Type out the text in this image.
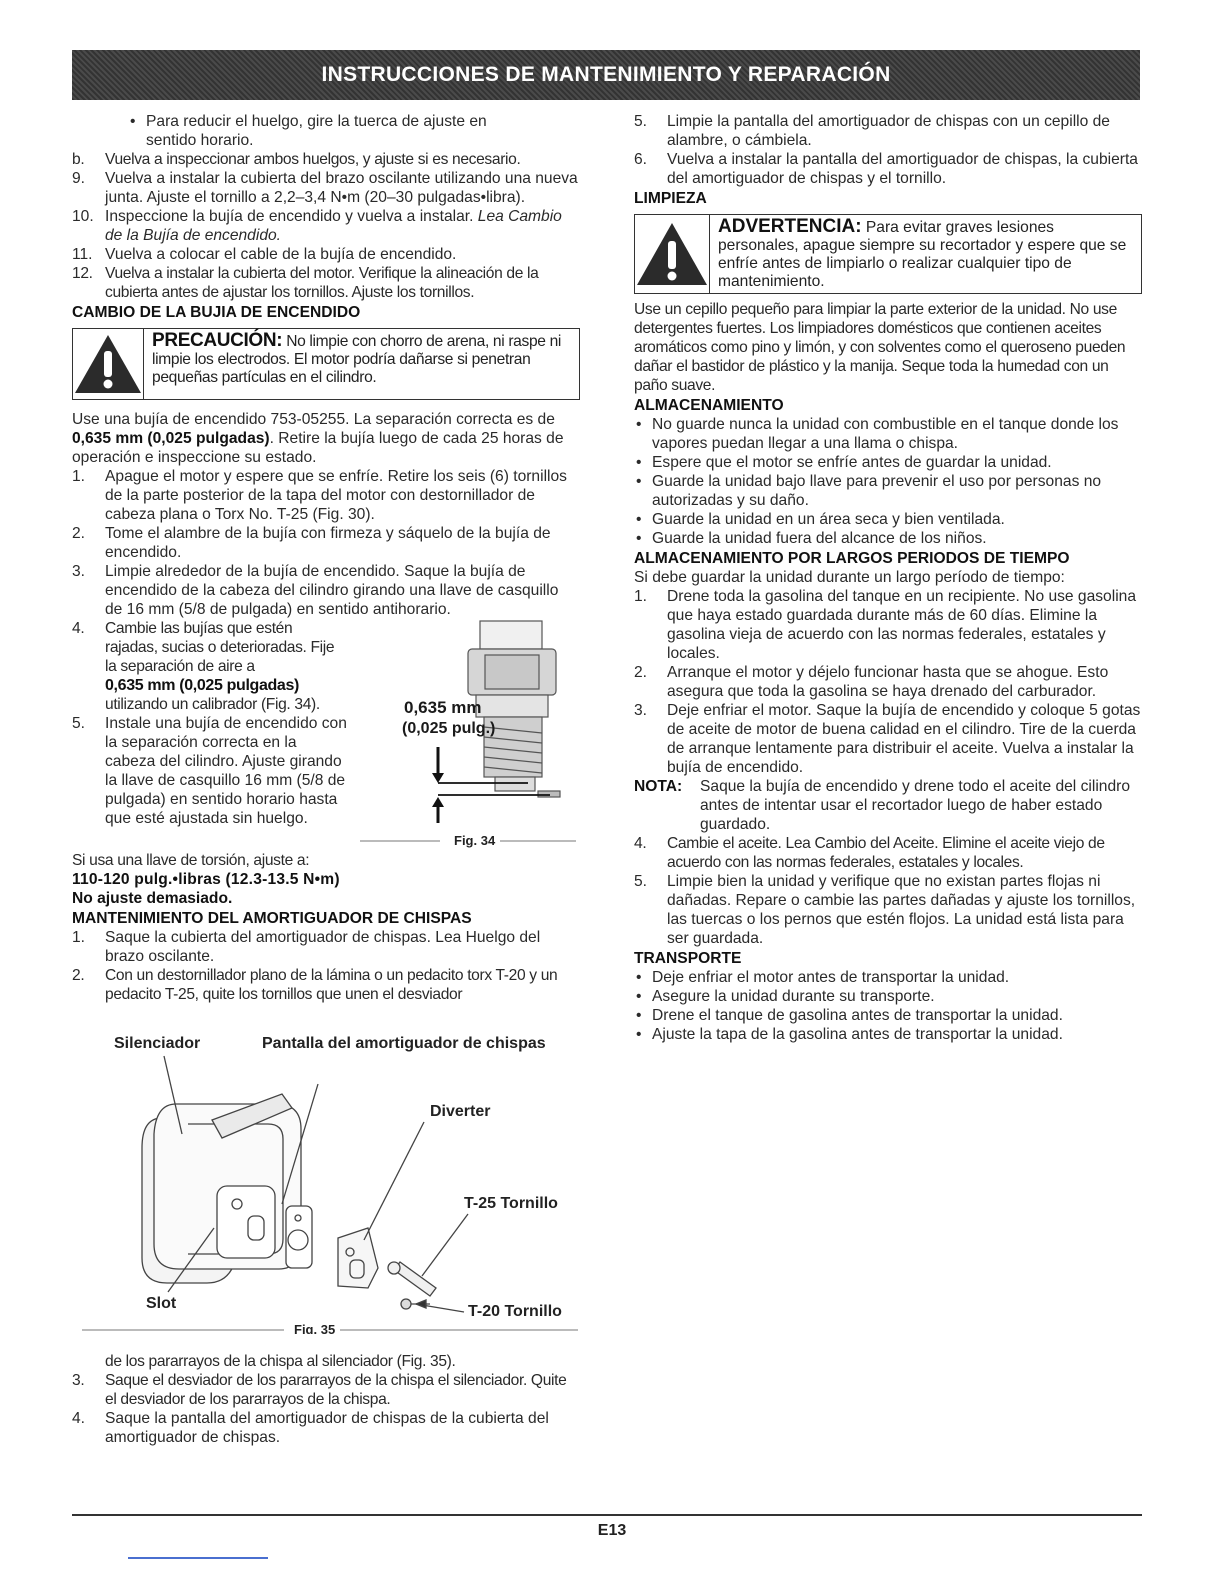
INSTRUCCIONES DE MANTENIMIENTO Y REPARACIÓN
• Para reducir el huelgo, gire la tuerca de ajuste en sentido horario.
b. Vuelva a inspeccionar ambos huelgos, y ajuste si es necesario.
9. Vuelva a instalar la cubierta del brazo oscilante utilizando una nueva junta. Ajuste el tornillo a 2,2–3,4 N•m (20–30 pulgadas•libra).
10. Inspeccione la bujía de encendido y vuelva a instalar. Lea Cambio de la Bujía de encendido.
11. Vuelva a colocar el cable de la bujía de encendido.
12. Vuelva a instalar la cubierta del motor. Verifique la alineación de la cubierta antes de ajustar los tornillos. Ajuste los tornillos.
CAMBIO DE LA BUJIA DE ENCENDIDO
PRECAUCIÓN: No limpie con chorro de arena, ni raspe ni limpie los electrodos. El motor podría dañarse si penetran pequeñas partículas en el cilindro.

Use una bujía de encendido 753-05255. La separación correcta es de 0,635 mm (0,025 pulgadas). Retire la bujía luego de cada 25 horas de operación e inspeccione su estado.

1. Apague el motor y espere que se enfríe. Retire los seis (6) tornillos de la parte posterior de la tapa del motor con destornillador de cabeza plana o Torx No. T-25 (Fig. 30).
2. Tome el alambre de la bujía con firmeza y sáquelo de la bujía de encendido.
3. Limpie alrededor de la bujía de encendido. Saque la bujía de encendido de la cabeza del cilindro girando una llave de casquillo de 16 mm (5/8 de pulgada) en sentido antihorario.
4. Cambie las bujías que estén rajadas, sucias o deterioradas. Fije la separación de aire a
0,635 mm (0,025 pulgadas)
utilizando un calibrador (Fig. 34).
5. Instale una bujía de encendido con la separación correcta en la cabeza del cilindro. Ajuste girando la llave de casquillo 16 mm (5/8 de pulgada) en sentido horario hasta que esté ajustada sin huelgo.
0,635 mm
(0,025 pulg.)
Fig. 34
Si usa una llave de torsión, ajuste a:
110-120 pulg.•libras (12.3-13.5 N•m)
No ajuste demasiado.
MANTENIMIENTO DEL AMORTIGUADOR DE CHISPAS
1. Saque la cubierta del amortiguador de chispas. Lea Huelgo del brazo oscilante.
2. Con un destornillador plano de la lámina o un pedacito torx T-20 y un pedacito T-25, quite los tornillos que unen el desviador
Silenciador	Pantalla del amortiguador de chispas
Diverter
T-25 Tornillo
Slot	T-20 Tornillo
Fig. 35
de los pararrayos de la chispa al silenciador (Fig. 35).
3. Saque el desviador de los pararrayos de la chispa el silenciador. Quite el desviador de los pararrayos de la chispa.
4. Saque la pantalla del amortiguador de chispas de la cubierta del amortiguador de chispas.
5. Limpie la pantalla del amortiguador de chispas con un cepillo de alambre, o cámbiela.
6. Vuelva a instalar la pantalla del amortiguador de chispas, la cubierta del amortiguador de chispas y el tornillo.
LIMPIEZA
ADVERTENCIA: Para evitar graves lesiones personales, apague siempre su recortador y espere que se enfríe antes de limpiarlo o realizar cualquier tipo de mantenimiento.

Use un cepillo pequeño para limpiar la parte exterior de la unidad. No use detergentes fuertes. Los limpiadores domésticos que contienen aceites aromáticos como pino y limón, y con solventes como el queroseno pueden dañar el bastidor de plástico y la manija. Seque toda la humedad con un paño suave.

ALMACENAMIENTO
• No guarde nunca la unidad con combustible en el tanque donde los vapores puedan llegar a una llama o chispa.
• Espere que el motor se enfríe antes de guardar la unidad.
• Guarde la unidad bajo llave para prevenir el uso por personas no autorizadas y su daño.
• Guarde la unidad en un área seca y bien ventilada.
• Guarde la unidad fuera del alcance de los niños.
ALMACENAMIENTO POR LARGOS PERIODOS DE TIEMPO
Si debe guardar la unidad durante un largo período de tiempo:
1. Drene toda la gasolina del tanque en un recipiente. No use gasolina que haya estado guardada durante más de 60 días. Elimine la gasolina vieja de acuerdo con las normas federales, estatales y locales.
2. Arranque el motor y déjelo funcionar hasta que se ahogue. Esto asegura que toda la gasolina se haya drenado del carburador.
3. Deje enfriar el motor. Saque la bujía de encendido y coloque 5 gotas de aceite de motor de buena calidad en el cilindro. Tire de la cuerda de arranque lentamente para distribuir el aceite. Vuelva a instalar la bujía de encendido.
NOTA: Saque la bujía de encendido y drene todo el aceite del cilindro antes de intentar usar el recortador luego de haber estado guardado.
4. Cambie el aceite. Lea Cambio del Aceite. Elimine el aceite viejo de acuerdo con las normas federales, estatales y locales.
5. Limpie bien la unidad y verifique que no existan partes flojas ni dañadas. Repare o cambie las partes dañadas y ajuste los tornillos, las tuercas o los pernos que estén flojos. La unidad está lista para ser guardada.
TRANSPORTE
• Deje enfriar el motor antes de transportar la unidad.
• Asegure la unidad durante su transporte.
• Drene el tanque de gasolina antes de transportar la unidad.
• Ajuste la tapa de la gasolina antes de transportar la unidad.
E13
